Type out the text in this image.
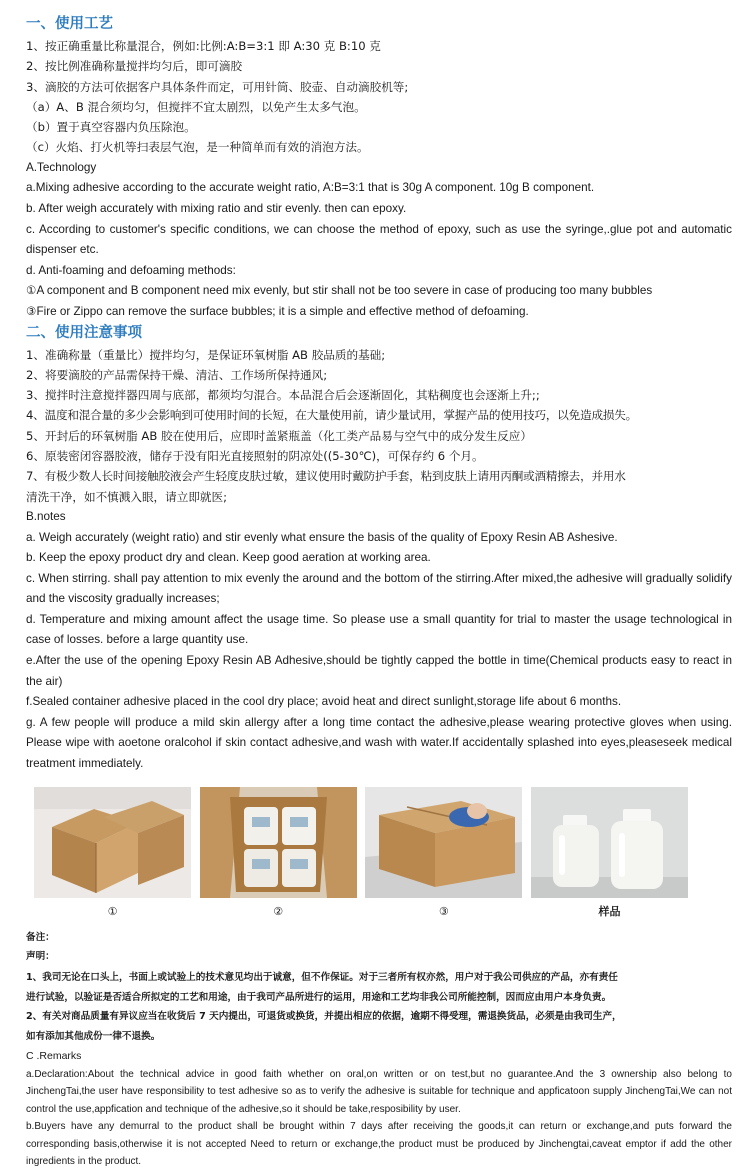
一、使用工艺
1、按正确重量比称量混合，例如:比例:A:B=3:1 即 A:30 克 B:10 克
2、按比例准确称量搅拌均匀后，即可滴胶
3、滴胶的方法可依据客户具体条件而定，可用针筒、胶壶、自动滴胶机等;
（a）A、B 混合须均匀，但搅拌不宜太剧烈，以免产生太多气泡。
（b）置于真空容器内负压除泡。
（c）火焰、打火机等扫表层气泡，是一种简单而有效的消泡方法。
A.Technology
a.Mixing adhesive according to the accurate weight ratio, A:B=3:1 that is 30g A component. 10g B component.
b. After weigh accurately with mixing ratio and stir evenly. then can epoxy.
c. According to customer's specific conditions, we can choose the method of epoxy, such as use the syringe,.glue pot and automatic dispenser etc.
d. Anti-foaming and defoaming methods:
①A component and B component need mix evenly, but stir shall not be too severe in case of producing too many bubbles
③Fire or Zippo can remove the surface bubbles; it is a simple and effective method of defoaming.
二、使用注意事项
1、准确称量（重量比）搅拌均匀，是保证环氧树脂 AB 胶品质的基础;
2、将要滴胶的产品需保持干燥、清洁、工作场所保持通风;
3、搅拌时注意搅拌器四周与底部，都须均匀混合。本品混合后会逐渐固化，其粘稠度也会逐渐上升;;
4、温度和混合量的多少会影响到可使用时间的长短，在大量使用前，请少量试用，掌握产品的使用技巧，以免造成损失。
5、开封后的环氧树脂 AB 胶在使用后，应即时盖紧瓶盖（化工类产品易与空气中的成分发生反应）
6、原装密闭容器胶液，储存于没有阳光直接照射的阴凉处((5-30℃)，可保存约 6 个月。
7、有极少数人长时间接触胶液会产生轻度皮肤过敏，建议使用时戴防护手套，粘到皮肤上请用丙酮或酒精擦去，并用水
清洗干净，如不慎溅入眼，请立即就医;
B.notes
a. Weigh accurately (weight ratio) and stir evenly what ensure the basis of the quality of Epoxy Resin AB Ashesive.
b. Keep the epoxy product dry and clean. Keep good aeration at working area.
c. When stirring. shall pay attention to mix evenly the around and the bottom of the stirring.After mixed,the adhesive will gradually solidify and the viscosity gradually increases;
d. Temperature and mixing amount affect the usage time. So please use a small quantity for trial to master the usage technological in case of losses. before a large quantity use.
e.After the use of the opening Epoxy Resin AB Adhesive,should be tightly capped the bottle in time(Chemical products easy to react in the air)
f.Sealed container adhesive placed in the cool dry place; avoid heat and direct sunlight,storage life about 6 months.
g. A few people will produce a mild skin allergy after a long time contact the adhesive,please wearing protective gloves when using. Please wipe with aoetone oralcohol if skin contact adhesive,and wash with water.If accidentally splashed into eyes,pleaseseek medical treatment immediately.
①	②	③	样品
备注：
声明：
1、我司无论在口头上，书面上或试验上的技术意见均出于诚意，但不作保证。对于三者所有权亦然，用户对于我公司供应的产品，亦有责任
进行试验，以验证是否适合所拟定的工艺和用途，由于我司产品所进行的运用，用途和工艺均非我公司所能控制，因而应由用户本身负责。
2、有关对商品质量有异议应当在收货后 7 天内提出，可退货或换货，并提出相应的依据，逾期不得受理，需退换货品，必须是由我司生产，
如有添加其他成份一律不退换。
C .Remarks
a.Declaration:About the technical advice in good faith whether on oral,on written or on test,but no guarantee.And the 3 ownership also belong to JinchengTai,the user have responsibility to test adhesive so as to verify the adhesive is suitable for technique and appficatoon supply JinchengTai,We can not control the use,appfication and technique of the adhesive,so it should be take,resposibility by user.
b.Buyers have any demurral to the product shall be brought within 7 days after receiving the goods,it can return or exchange,and puts forward the corresponding basis,otherwise it is not accepted Need to return or exchange,the product must be produced by Jinchengtai,caveat emptor if add the other ingredients in the product.
